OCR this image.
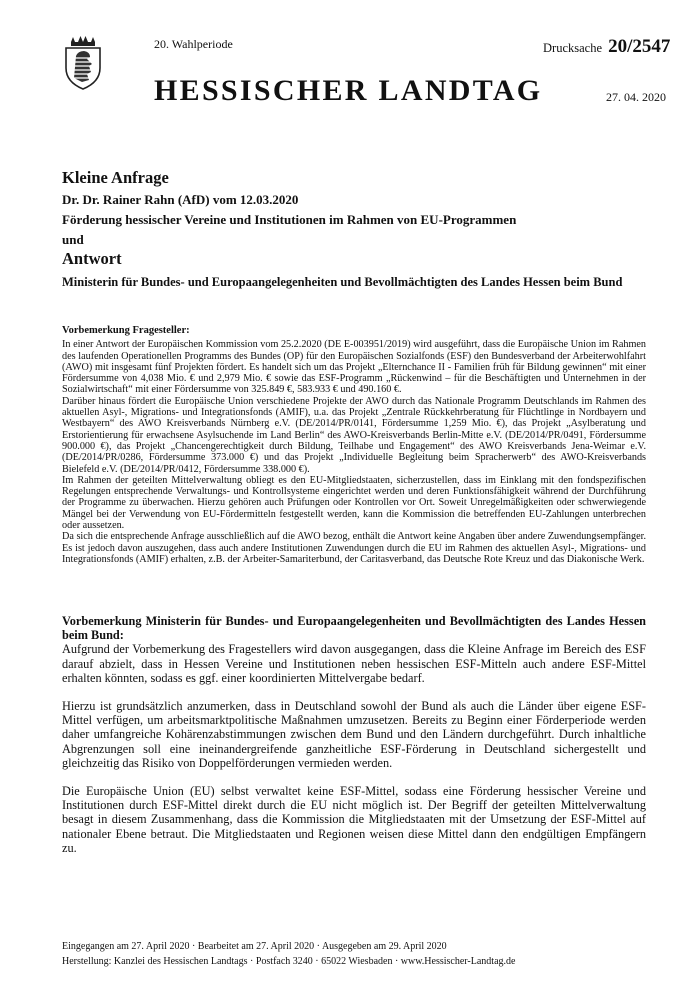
20. Wahlperiode	Drucksache 20/2547
HESSISCHER LANDTAG	27. 04. 2020
Kleine Anfrage
Dr. Dr. Rainer Rahn (AfD) vom 12.03.2020
Förderung hessischer Vereine und Institutionen im Rahmen von EU-Programmen
und
Antwort
Ministerin für Bundes- und Europaangelegenheiten und Bevollmächtigten des Landes Hessen beim Bund
Vorbemerkung Fragesteller:

In einer Antwort der Europäischen Kommission vom 25.2.2020 (DE E-003951/2019) wird ausgeführt, dass die Europäische Union im Rahmen des laufenden Operationellen Programms des Bundes (OP) für den Europäischen Sozialfonds (ESF) den Bundesverband der Arbeiterwohlfahrt (AWO) mit insgesamt fünf Projekten fördert. Es handelt sich um das Projekt „Elternchance II - Familien früh für Bildung gewinnen“ mit einer Fördersumme von 4,038 Mio. € und 2,979 Mio. € sowie das ESF-Programm „Rückenwind – für die Beschäftigten und Unternehmen in der Sozialwirtschaft“ mit einer Fördersumme von 325.849 €, 583.933 € und 490.160 €.

Darüber hinaus fördert die Europäische Union verschiedene Projekte der AWO durch das Nationale Programm Deutschlands im Rahmen des aktuellen Asyl-, Migrations- und Integrationsfonds (AMIF), u.a. das Projekt „Zentrale Rückkehrberatung für Flüchtlinge in Nordbayern und Westbayern“ des AWO Kreisverbands Nürnberg e.V. (DE/2014/PR/0141, Fördersumme 1,259 Mio. €), das Projekt „Asylberatung und Erstorientierung für erwachsene Asylsuchende im Land Berlin“ des AWO-Kreisverbands Berlin-Mitte e.V. (DE/2014/PR/0491, Fördersumme 900.000 €), das Projekt „Chancengerechtigkeit durch Bildung, Teilhabe und Engagement“ des AWO Kreisverbands Jena-Weimar e.V. (DE/2014/PR/0286, Fördersumme 373.000 €) und das Projekt „Individuelle Begleitung beim Spracherwerb“ des AWO-Kreisverbands Bielefeld e.V. (DE/2014/PR/0412, Fördersumme 338.000 €).

Im Rahmen der geteilten Mittelverwaltung obliegt es den EU-Mitgliedstaaten, sicherzustellen, dass im Einklang mit den fondspezifischen Regelungen entsprechende Verwaltungs- und Kontrollsysteme eingerichtet werden und deren Funktionsfähigkeit während der Durchführung der Programme zu überwachen. Hierzu gehören auch Prüfungen oder Kontrollen vor Ort. Soweit Unregelmäßigkeiten oder schwerwiegende Mängel bei der Verwendung von EU-Fördermitteln festgestellt werden, kann die Kommission die betreffenden EU-Zahlungen unterbrechen oder aussetzen.

Da sich die entsprechende Anfrage ausschließlich auf die AWO bezog, enthält die Antwort keine Angaben über andere Zuwendungsempfänger. Es ist jedoch davon auszugehen, dass auch andere Institutionen Zuwendungen durch die EU im Rahmen des aktuellen Asyl-, Migrations- und Integrationsfonds (AMIF) erhalten, z.B. der Arbeiter-Samariterbund, der Caritasverband, das Deutsche Rote Kreuz und das Diakonische Werk.

Vorbemerkung Ministerin für Bundes- und Europaangelegenheiten und Bevollmächtigten des Landes Hessen beim Bund:

Aufgrund der Vorbemerkung des Fragestellers wird davon ausgegangen, dass die Kleine Anfrage im Bereich des ESF darauf abzielt, dass in Hessen Vereine und Institutionen neben hessischen ESF-Mitteln auch andere ESF-Mittel erhalten könnten, sodass es ggf. einer koordinierten Mittelvergabe bedarf.

Hierzu ist grundsätzlich anzumerken, dass in Deutschland sowohl der Bund als auch die Länder über eigene ESF-Mittel verfügen, um arbeitsmarktpolitische Maßnahmen umzusetzen. Bereits zu Beginn einer Förderperiode werden daher umfangreiche Kohärenzabstimmungen zwischen dem Bund und den Ländern durchgeführt. Durch inhaltliche Abgrenzungen soll eine ineinandergreifende ganzheitliche ESF-Förderung in Deutschland sichergestellt und gleichzeitig das Risiko von Doppelförderungen vermieden werden.

Die Europäische Union (EU) selbst verwaltet keine ESF-Mittel, sodass eine Förderung hessischer Vereine und Institutionen durch ESF-Mittel direkt durch die EU nicht möglich ist. Der Begriff der geteilten Mittelverwaltung besagt in diesem Zusammenhang, dass die Kommission die Mitgliedstaaten mit der Umsetzung der ESF-Mittel auf nationaler Ebene betraut. Die Mitgliedstaaten und Regionen weisen diese Mittel dann den endgültigen Empfängern zu.

Eingegangen am 27. April 2020 · Bearbeitet am 27. April 2020 · Ausgegeben am 29. April 2020
Herstellung: Kanzlei des Hessischen Landtags · Postfach 3240 · 65022 Wiesbaden · www.Hessischer-Landtag.de
